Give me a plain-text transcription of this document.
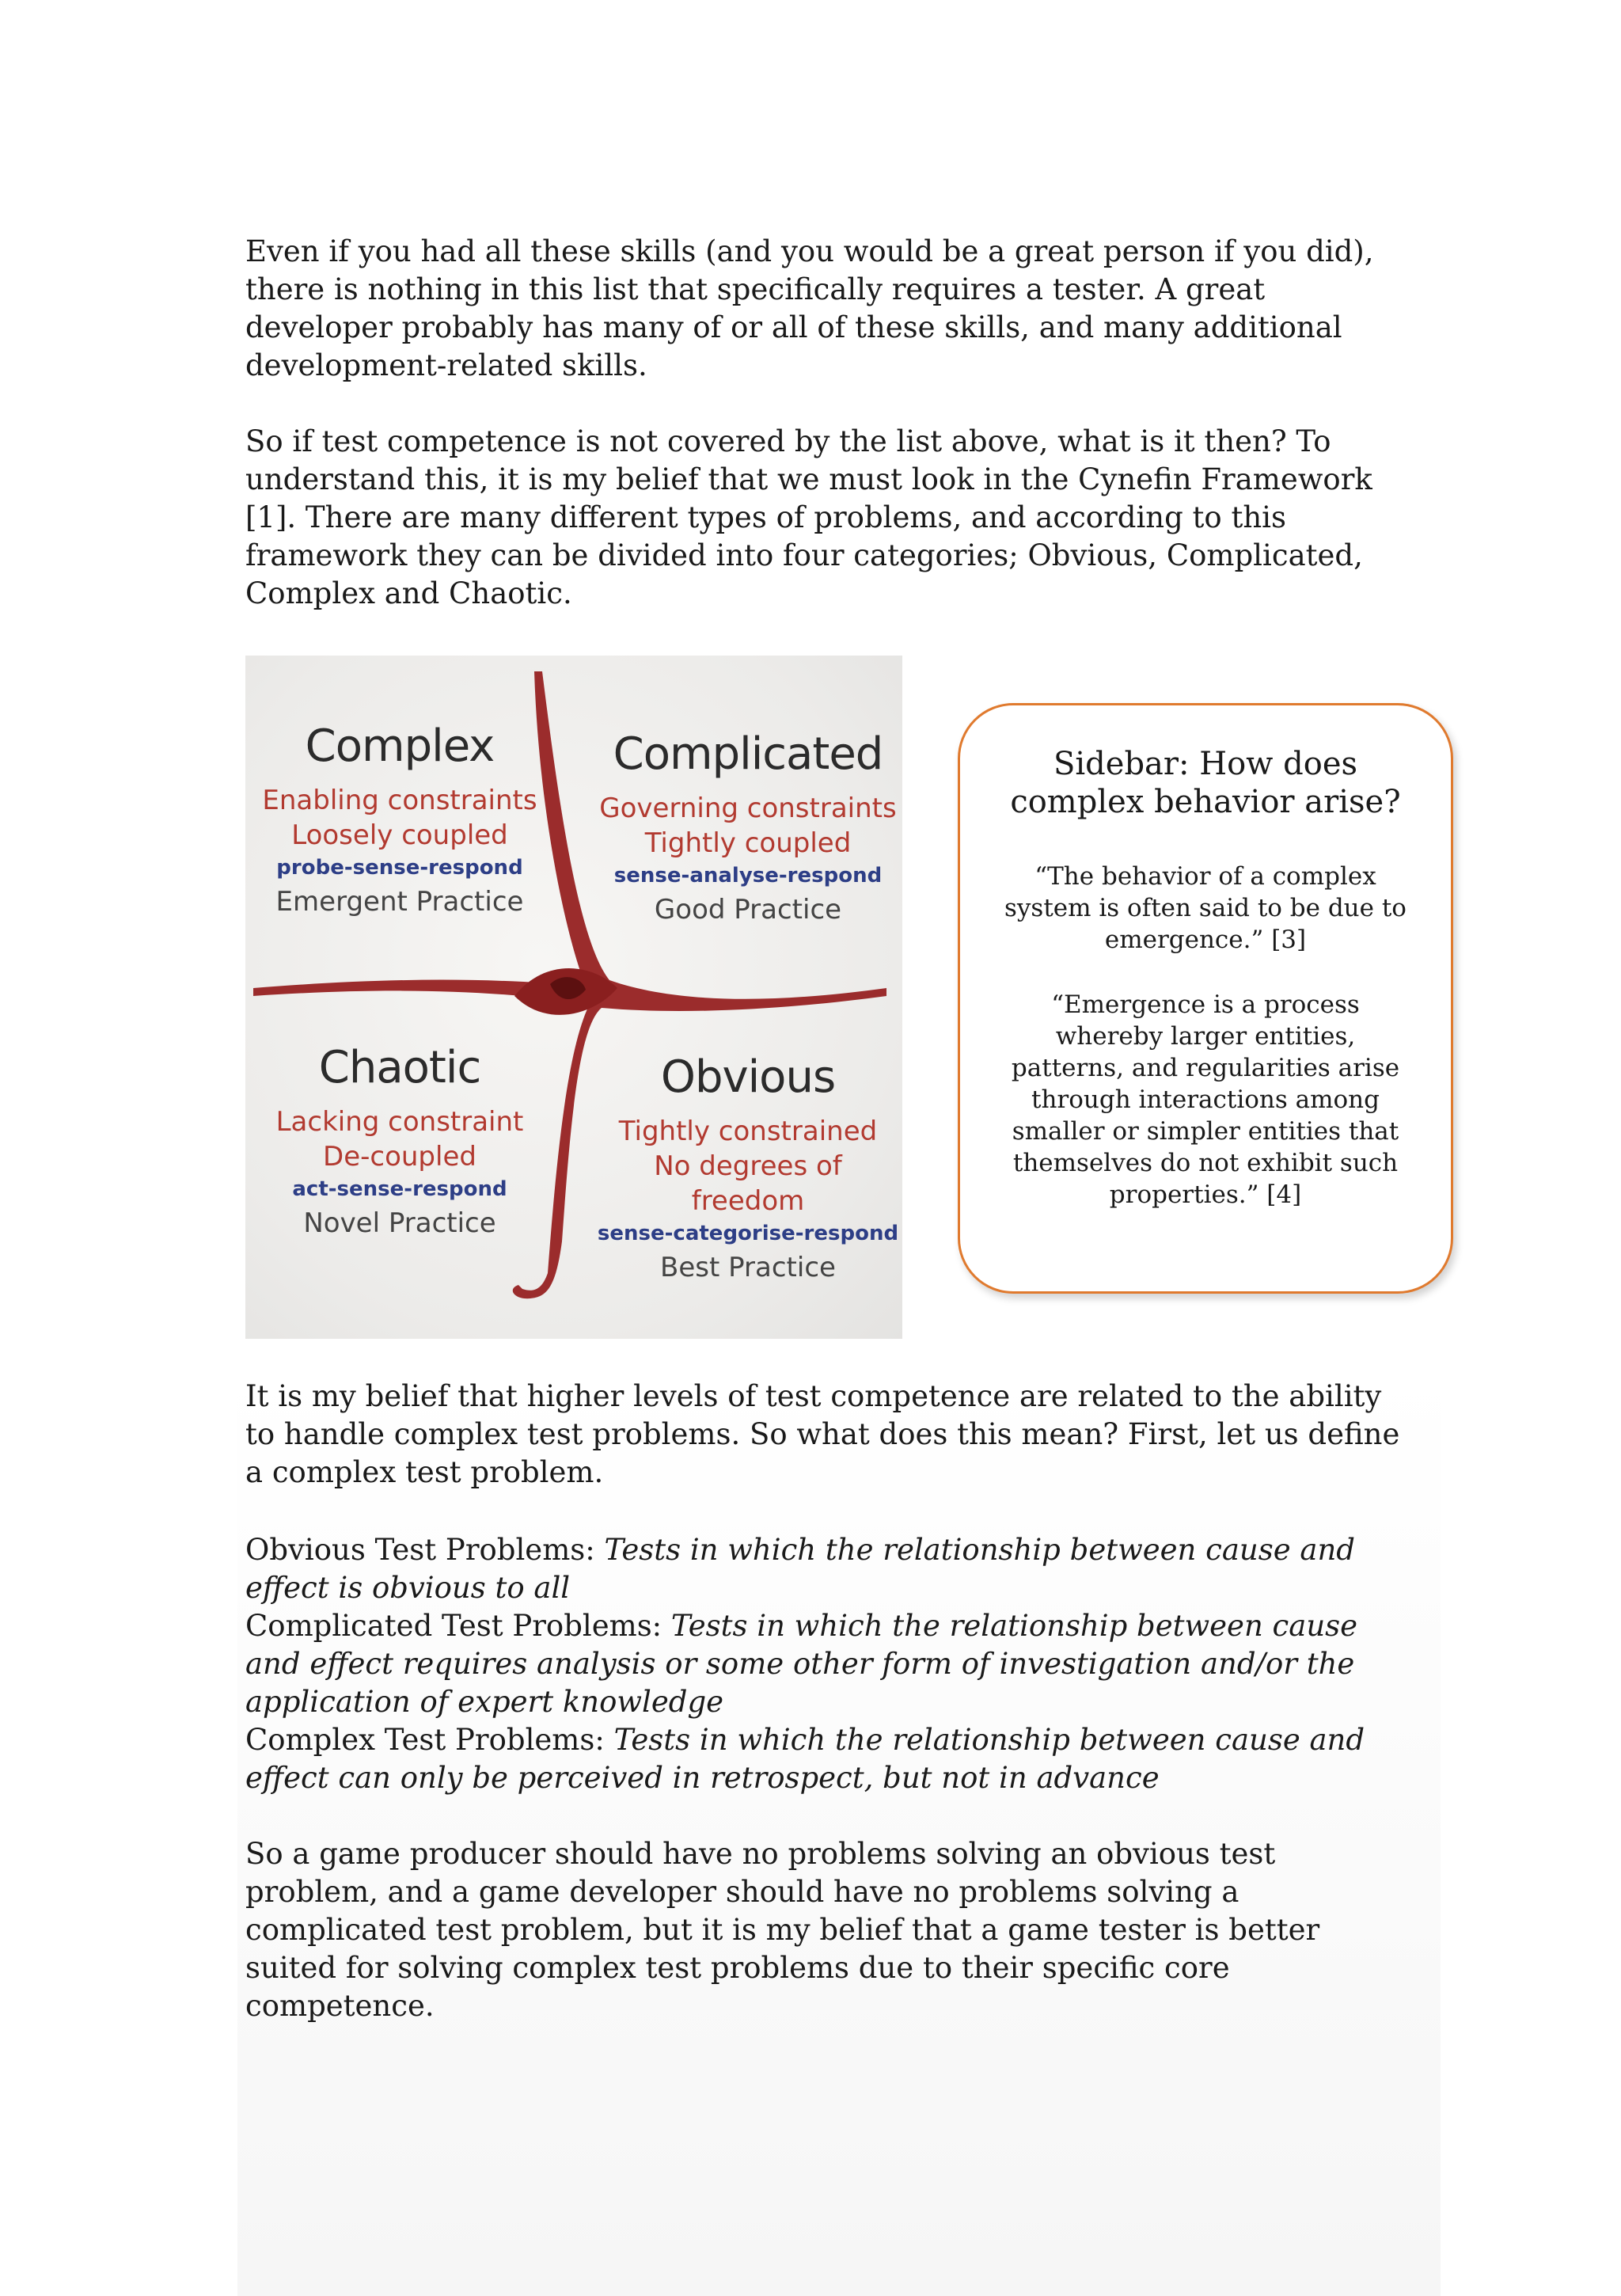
Even if you had all these skills (and you would be a great person if you did), there is nothing in this list that specifically requires a tester. A great developer probably has many of or all of these skills, and many additional development-related skills.

So if test competence is not covered by the list above, what is it then? To understand this, it is my belief that we must look in the Cynefin Framework [1]. There are many different types of problems, and according to this framework they can be divided into four categories; Obvious, Complicated, Complex and Chaotic.

Complex
Enabling constraints
Loosely coupled
probe-sense-respond
Emergent Practice
Complicated
Governing constraints
Tightly coupled
sense-analyse-respond
Good Practice
Chaotic
Lacking constraint
De-coupled
act-sense-respond
Novel Practice
Obvious
Tightly constrained
No degrees of freedom
sense-categorise-respond
Best Practice
Sidebar: How does complex behavior arise?
“The behavior of a complex system is often said to be due to emergence.” [3]
“Emergence is a process whereby larger entities, patterns, and regularities arise through interactions among smaller or simpler entities that themselves do not exhibit such properties.” [4]

It is my belief that higher levels of test competence are related to the ability to handle complex test problems. So what does this mean? First, let us define a complex test problem.

Obvious Test Problems: Tests in which the relationship between cause and effect is obvious to all
Complicated Test Problems: Tests in which the relationship between cause and effect requires analysis or some other form of investigation and/or the application of expert knowledge
Complex Test Problems: Tests in which the relationship between cause and effect can only be perceived in retrospect, but not in advance

So a game producer should have no problems solving an obvious test problem, and a game developer should have no problems solving a complicated test problem, but it is my belief that a game tester is better suited for solving complex test problems due to their specific core competence.
